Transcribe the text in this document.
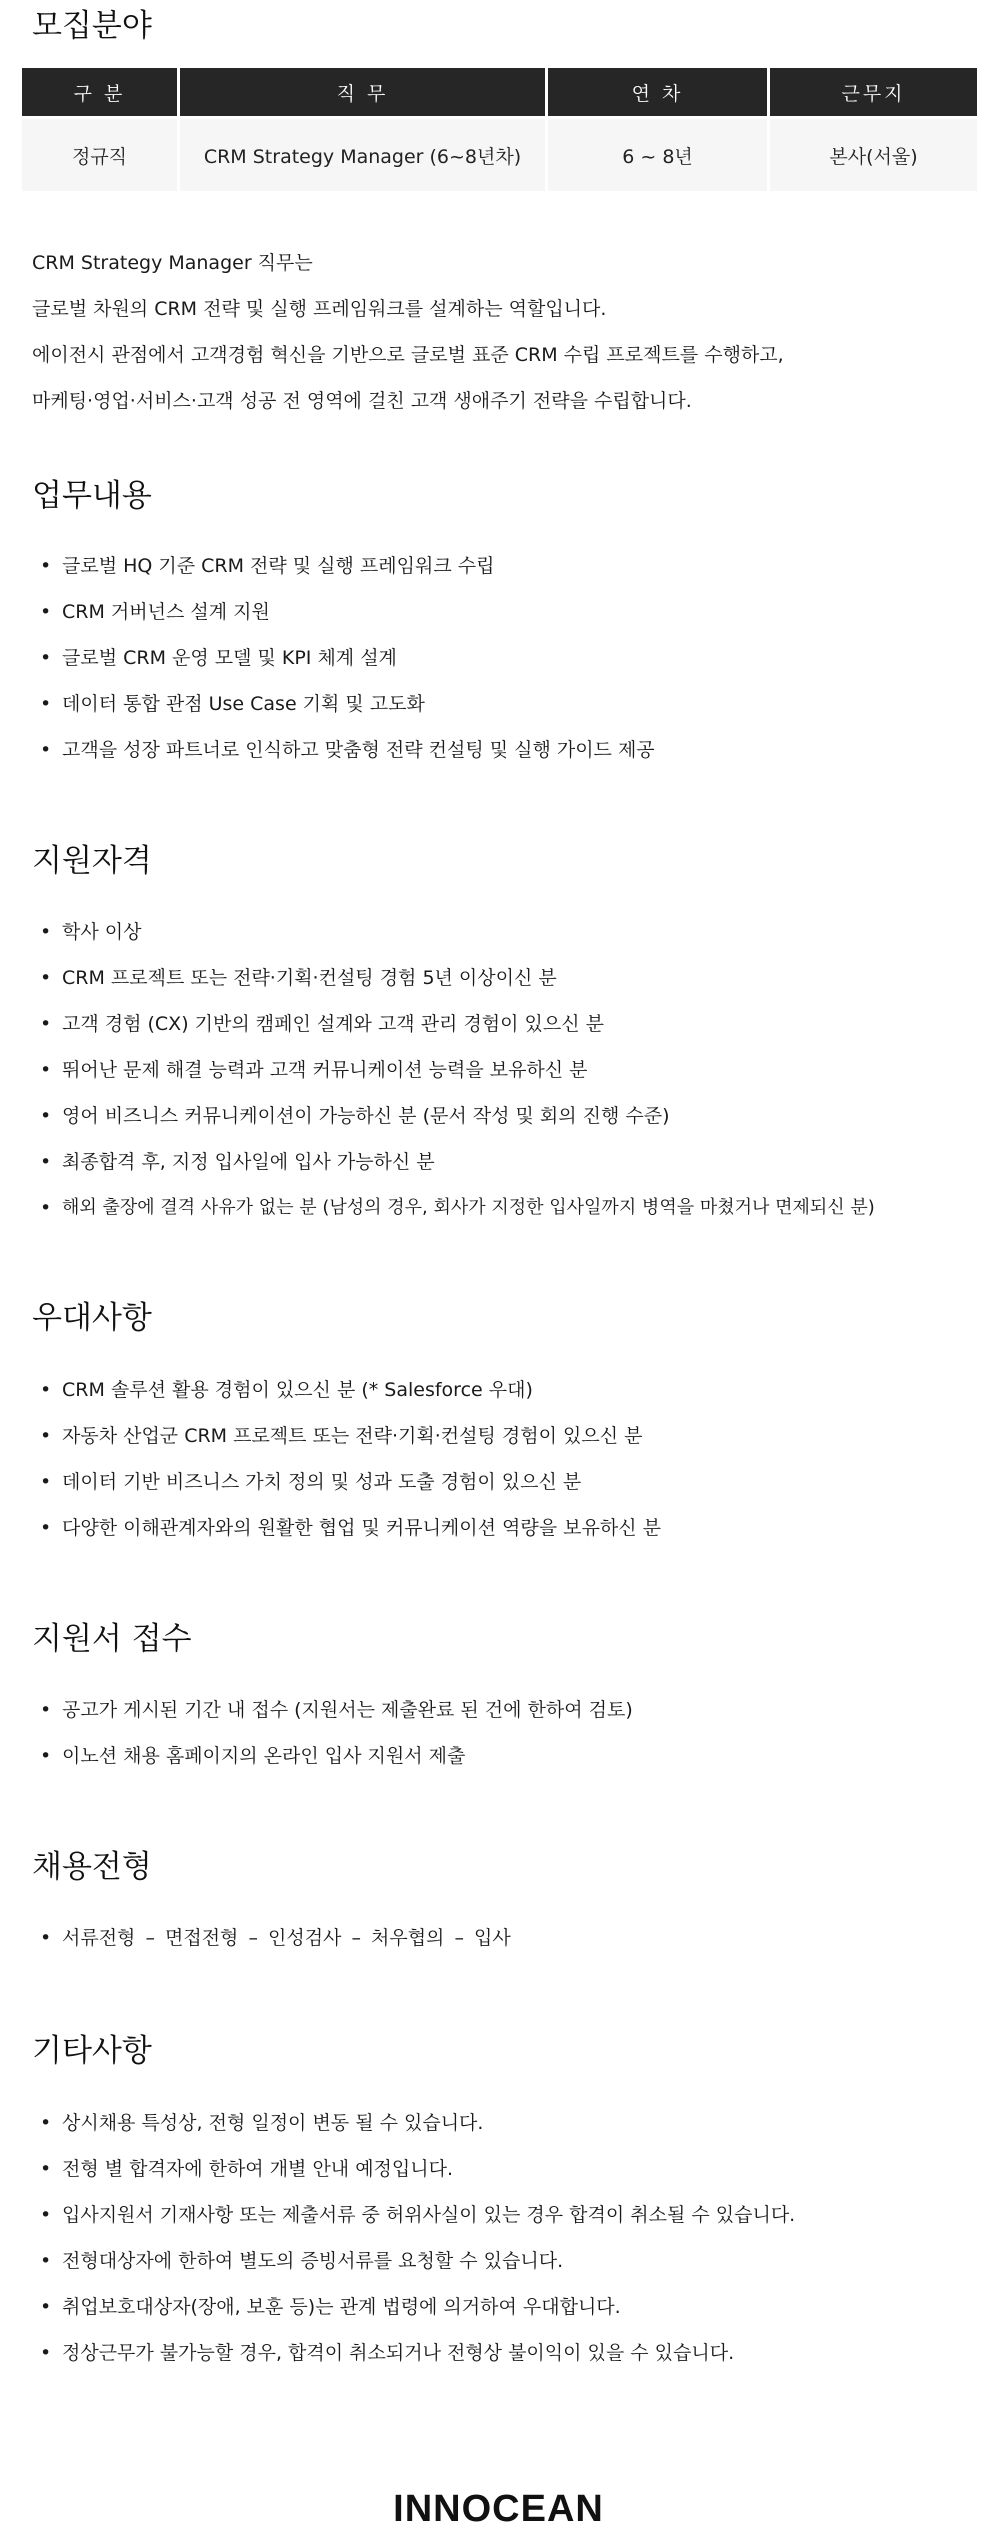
모집분야
구 분	직 무	연 차	근무지
정규직	CRM Strategy Manager (6~8년차)	6 ~ 8년	본사(서울)

CRM Strategy Manager 직무는

글로벌 차원의 CRM 전략 및 실행 프레임워크를 설계하는 역할입니다.

에이전시 관점에서 고객경험 혁신을 기반으로 글로벌 표준 CRM 수립 프로젝트를 수행하고,

마케팅·영업·서비스·고객 성공 전 영역에 걸친 고객 생애주기 전략을 수립합니다.

업무내용
• 글로벌 HQ 기준 CRM 전략 및 실행 프레임워크 수립
• CRM 거버넌스 설계 지원
• 글로벌 CRM 운영 모델 및 KPI 체계 설계
• 데이터 통합 관점 Use Case 기획 및 고도화
• 고객을 성장 파트너로 인식하고 맞춤형 전략 컨설팅 및 실행 가이드 제공
지원자격
• 학사 이상
• CRM 프로젝트 또는 전략·기획·컨설팅 경험 5년 이상이신 분
• 고객 경험 (CX) 기반의 캠페인 설계와 고객 관리 경험이 있으신 분
• 뛰어난 문제 해결 능력과 고객 커뮤니케이션 능력을 보유하신 분
• 영어 비즈니스 커뮤니케이션이 가능하신 분 (문서 작성 및 회의 진행 수준)
• 최종합격 후, 지정 입사일에 입사 가능하신 분
• 해외 출장에 결격 사유가 없는 분 (남성의 경우, 회사가 지정한 입사일까지 병역을 마쳤거나 면제되신 분)
우대사항
• CRM 솔루션 활용 경험이 있으신 분 (* Salesforce 우대)
• 자동차 산업군 CRM 프로젝트 또는 전략·기획·컨설팅 경험이 있으신 분
• 데이터 기반 비즈니스 가치 정의 및 성과 도출 경험이 있으신 분
• 다양한 이해관계자와의 원활한 협업 및 커뮤니케이션 역량을 보유하신 분
지원서 접수
• 공고가 게시된 기간 내 접수 (지원서는 제출완료 된 건에 한하여 검토)
• 이노션 채용 홈페이지의 온라인 입사 지원서 제출
채용전형
• 서류전형 – 면접전형 – 인성검사 – 처우협의 – 입사
기타사항
• 상시채용 특성상, 전형 일정이 변동 될 수 있습니다.
• 전형 별 합격자에 한하여 개별 안내 예정입니다.
• 입사지원서 기재사항 또는 제출서류 중 허위사실이 있는 경우 합격이 취소될 수 있습니다.
• 전형대상자에 한하여 별도의 증빙서류를 요청할 수 있습니다.
• 취업보호대상자(장애, 보훈 등)는 관계 법령에 의거하여 우대합니다.
• 정상근무가 불가능할 경우, 합격이 취소되거나 전형상 불이익이 있을 수 있습니다.
INNOCEAN
